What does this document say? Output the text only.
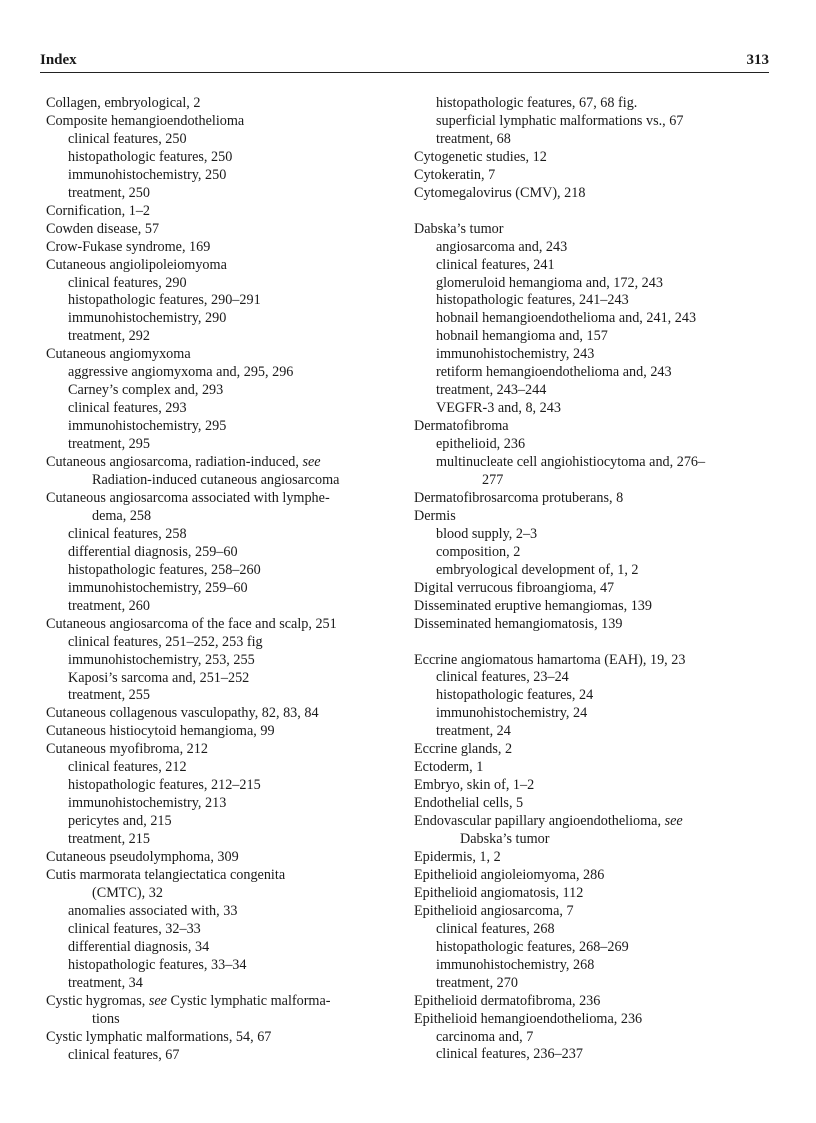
Index	313
Collagen, embryological, 2
Composite hemangioendothelioma
clinical features, 250
histopathologic features, 250
immunohistochemistry, 250
treatment, 250
Cornification, 1–2
Cowden disease, 57
Crow-Fukase syndrome, 169
Cutaneous angiolipoleiomyoma
clinical features, 290
histopathologic features, 290–291
immunohistochemistry, 290
treatment, 292
Cutaneous angiomyxoma
aggressive angiomyxoma and, 295, 296
Carney’s complex and, 293
clinical features, 293
immunohistochemistry, 295
treatment, 295
Cutaneous angiosarcoma, radiation-induced, see
Radiation-induced cutaneous angiosarcoma
Cutaneous angiosarcoma associated with lymphe-
dema, 258
clinical features, 258
differential diagnosis, 259–60
histopathologic features, 258–260
immunohistochemistry, 259–60
treatment, 260
Cutaneous angiosarcoma of the face and scalp, 251
clinical features, 251–252, 253 fig
immunohistochemistry, 253, 255
Kaposi’s sarcoma and, 251–252
treatment, 255
Cutaneous collagenous vasculopathy, 82, 83, 84
Cutaneous histiocytoid hemangioma, 99
Cutaneous myofibroma, 212
clinical features, 212
histopathologic features, 212–215
immunohistochemistry, 213
pericytes and, 215
treatment, 215
Cutaneous pseudolymphoma, 309
Cutis marmorata telangiectatica congenita
(CMTC), 32
anomalies associated with, 33
clinical features, 32–33
differential diagnosis, 34
histopathologic features, 33–34
treatment, 34
Cystic hygromas, see Cystic lymphatic malforma-
tions
Cystic lymphatic malformations, 54, 67
clinical features, 67
histopathologic features, 67, 68 fig.
superficial lymphatic malformations vs., 67
treatment, 68
Cytogenetic studies, 12
Cytokeratin, 7
Cytomegalovirus (CMV), 218
Dabska’s tumor
angiosarcoma and, 243
clinical features, 241
glomeruloid hemangioma and, 172, 243
histopathologic features, 241–243
hobnail hemangioendothelioma and, 241, 243
hobnail hemangioma and, 157
immunohistochemistry, 243
retiform hemangioendothelioma and, 243
treatment, 243–244
VEGFR-3 and, 8, 243
Dermatofibroma
epithelioid, 236
multinucleate cell angiohistiocytoma and, 276–
277
Dermatofibrosarcoma protuberans, 8
Dermis
blood supply, 2–3
composition, 2
embryological development of, 1, 2
Digital verrucous fibroangioma, 47
Disseminated eruptive hemangiomas, 139
Disseminated hemangiomatosis, 139
Eccrine angiomatous hamartoma (EAH), 19, 23
clinical features, 23–24
histopathologic features, 24
immunohistochemistry, 24
treatment, 24
Eccrine glands, 2
Ectoderm, 1
Embryo, skin of, 1–2
Endothelial cells, 5
Endovascular papillary angioendothelioma, see
Dabska’s tumor
Epidermis, 1, 2
Epithelioid angioleiomyoma, 286
Epithelioid angiomatosis, 112
Epithelioid angiosarcoma, 7
clinical features, 268
histopathologic features, 268–269
immunohistochemistry, 268
treatment, 270
Epithelioid dermatofibroma, 236
Epithelioid hemangioendothelioma, 236
carcinoma and, 7
clinical features, 236–237
